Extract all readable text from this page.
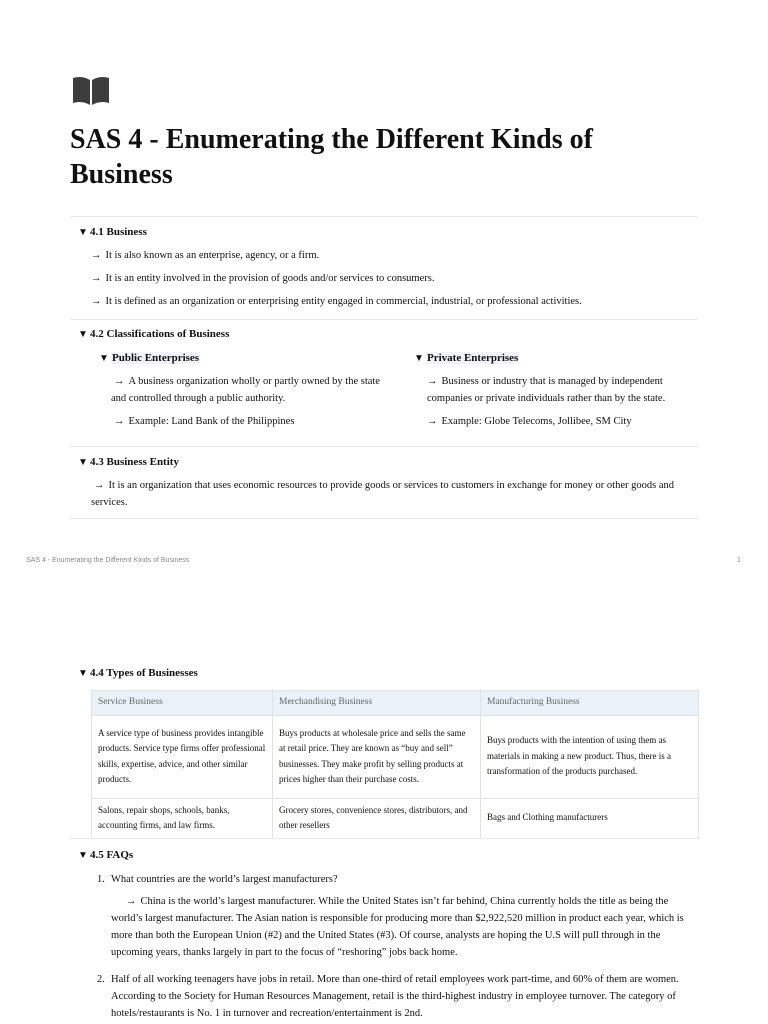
SAS 4 - Enumerating the Different Kinds of Business
▼ 4.1 Business
→ It is also known as an enterprise, agency, or a firm.
→ It is an entity involved in the provision of goods and/or services to consumers.
→ It is defined as an organization or enterprising entity engaged in commercial, industrial, or professional activities.
▼ 4.2 Classifications of Business
▼ Public Enterprises
→ A business organization wholly or partly owned by the state and controlled through a public authority.
→ Example: Land Bank of the Philippines
▼ Private Enterprises
→ Business or industry that is managed by independent companies or private individuals rather than by the state.
→ Example: Globe Telecoms, Jollibee, SM City
▼ 4.3 Business Entity
→ It is an organization that uses economic resources to provide goods or services to customers in exchange for money or other goods and services.
SAS 4 - Enumerating the Different Kinds of Business	1
▼ 4.4 Types of Businesses
Service Business	Merchandising Business	Manufacturing Business
A service type of business provides intangible products. Service type firms offer professional skills, expertise, advice, and other similar products.	Buys products at wholesale price and sells the same at retail price. They are known as “buy and sell” businesses. They make profit by selling products at prices higher than their purchase costs.	Buys products with the intention of using them as materials in making a new product. Thus, there is a transformation of the products purchased.
Salons, repair shops, schools, banks, accounting firms, and law firms.	Grocery stores, convenience stores, distributors, and other resellers	Bags and Clothing manufacturers
▼ 4.5 FAQs
1. What countries are the world’s largest manufacturers?
→ China is the world’s largest manufacturer. While the United States isn’t far behind, China currently holds the title as being the world’s largest manufacturer. The Asian nation is responsible for producing more than $2,922,520 million in product each year, which is more than both the European Union (#2) and the United States (#3). Of course, analysts are hoping the U.S will pull through in the upcoming years, thanks largely in part to the focus of “reshoring” jobs back home.
2. Half of all working teenagers have jobs in retail. More than one-third of retail employees work part-time, and 60% of them are women. According to the Society for Human Resources Management, retail is the third-highest industry in employee turnover. The category of hotels/restaurants is No. 1 in turnover and recreation/entertainment is 2nd.
